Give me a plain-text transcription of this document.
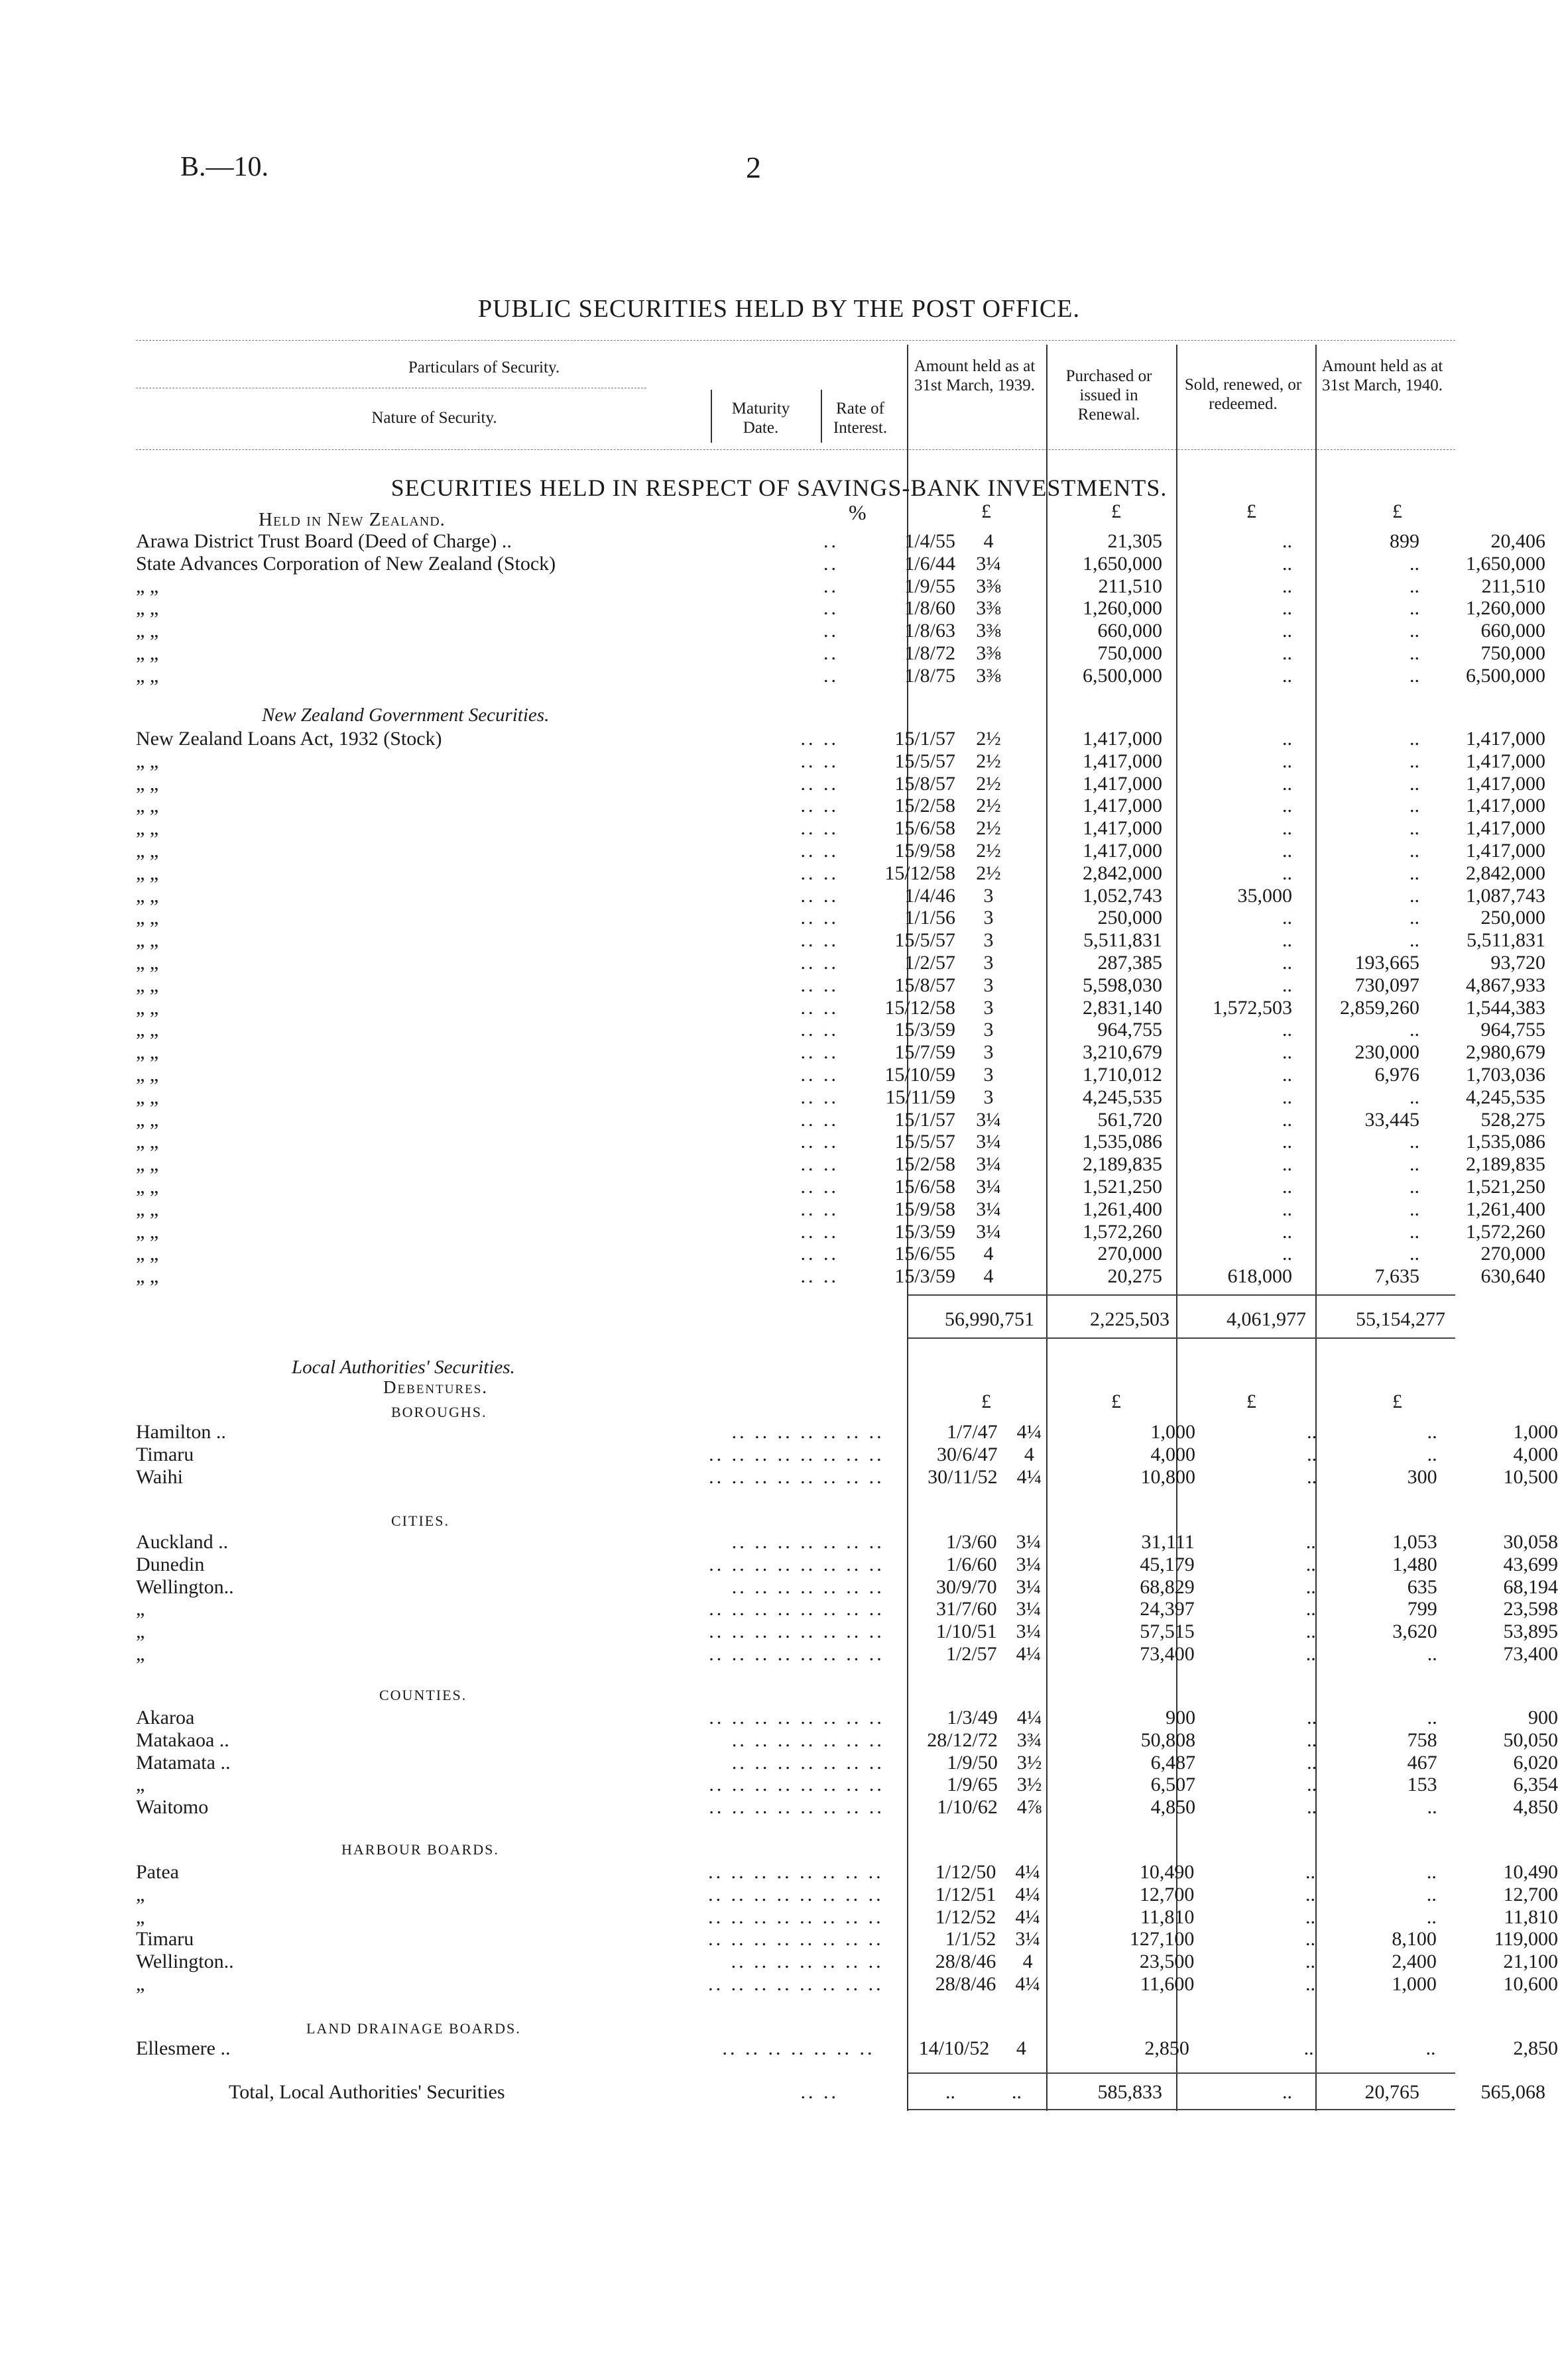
B.—10.	2
PUBLIC SECURITIES HELD BY THE POST OFFICE.
Particulars of Security.
Nature of Security.
Maturity Date.
Rate of Interest.
Amount held as at 31st March, 1939.
Purchased or issued in Renewal.
Sold, renewed, or redeemed.
Amount held as at 31st March, 1940.
SECURITIES HELD IN RESPECT OF SAVINGS-BANK INVESTMENTS.
%	£	£	£	£
Held in New Zealand.
Arawa District Trust Board (Deed of Charge) ..	..	1/4/55	4	21,305	..	899	20,406
State Advances Corporation of New Zealand (Stock)	..	1/6/44	3¼	1,650,000	..	..	1,650,000
„ „	..	1/9/55	3⅜	211,510	..	..	211,510
„ „	..	1/8/60	3⅜	1,260,000	..	..	1,260,000
„ „	..	1/8/63	3⅜	660,000	..	..	660,000
„ „	..	1/8/72	3⅜	750,000	..	..	750,000
„ „	..	1/8/75	3⅜	6,500,000	..	..	6,500,000
New Zealand Government Securities.
New Zealand Loans Act, 1932 (Stock)	.. ..	15/1/57	2½	1,417,000	..	..	1,417,000
„ „	.. ..	15/5/57	2½	1,417,000	..	..	1,417,000
„ „	.. ..	15/8/57	2½	1,417,000	..	..	1,417,000
„ „	.. ..	15/2/58	2½	1,417,000	..	..	1,417,000
„ „	.. ..	15/6/58	2½	1,417,000	..	..	1,417,000
„ „	.. ..	15/9/58	2½	1,417,000	..	..	1,417,000
„ „	.. ..	15/12/58	2½	2,842,000	..	..	2,842,000
„ „	.. ..	1/4/46	3	1,052,743	35,000	..	1,087,743
„ „	.. ..	1/1/56	3	250,000	..	..	250,000
„ „	.. ..	15/5/57	3	5,511,831	..	..	5,511,831
„ „	.. ..	1/2/57	3	287,385	..	193,665	93,720
„ „	.. ..	15/8/57	3	5,598,030	..	730,097	4,867,933
„ „	.. ..	15/12/58	3	2,831,140	1,572,503	2,859,260	1,544,383
„ „	.. ..	15/3/59	3	964,755	..	..	964,755
„ „	.. ..	15/7/59	3	3,210,679	..	230,000	2,980,679
„ „	.. ..	15/10/59	3	1,710,012	..	6,976	1,703,036
„ „	.. ..	15/11/59	3	4,245,535	..	..	4,245,535
„ „	.. ..	15/1/57	3¼	561,720	..	33,445	528,275
„ „	.. ..	15/5/57	3¼	1,535,086	..	..	1,535,086
„ „	.. ..	15/2/58	3¼	2,189,835	..	..	2,189,835
„ „	.. ..	15/6/58	3¼	1,521,250	..	..	1,521,250
„ „	.. ..	15/9/58	3¼	1,261,400	..	..	1,261,400
„ „	.. ..	15/3/59	3¼	1,572,260	..	..	1,572,260
„ „	.. ..	15/6/55	4	270,000	..	..	270,000
„ „	.. ..	15/3/59	4	20,275	618,000	7,635	630,640
56,990,751	2,225,503	4,061,977	55,154,277
Local Authorities' Securities.
Debentures.
BOROUGHS.	£	£	£	£
Hamilton ..	.. .. .. .. .. .. ..	1/7/47	4¼	1,000	..	..	1,000
Timaru	.. .. .. .. .. .. .. ..	30/6/47	4	4,000	..	..	4,000
Waihi	.. .. .. .. .. .. .. ..	30/11/52	4¼	10,800	..	300	10,500
CITIES.
Auckland ..	.. .. .. .. .. .. ..	1/3/60	3¼	31,111	..	1,053	30,058
Dunedin	.. .. .. .. .. .. .. ..	1/6/60	3¼	45,179	..	1,480	43,699
Wellington..	.. .. .. .. .. .. ..	30/9/70	3¼	68,829	..	635	68,194
„	.. .. .. .. .. .. .. ..	31/7/60	3¼	24,397	..	799	23,598
„	.. .. .. .. .. .. .. ..	1/10/51	3¼	57,515	..	3,620	53,895
„	.. .. .. .. .. .. .. ..	1/2/57	4¼	73,400	..	..	73,400
COUNTIES.
Akaroa	.. .. .. .. .. .. .. ..	1/3/49	4¼	900	..	..	900
Matakaoa ..	.. .. .. .. .. .. ..	28/12/72	3¾	50,808	..	758	50,050
Matamata ..	.. .. .. .. .. .. ..	1/9/50	3½	6,487	..	467	6,020
„	.. .. .. .. .. .. .. ..	1/9/65	3½	6,507	..	153	6,354
Waitomo	.. .. .. .. .. .. .. ..	1/10/62	4⅞	4,850	..	..	4,850
HARBOUR BOARDS.
Patea	.. .. .. .. .. .. .. ..	1/12/50	4¼	10,490	..	..	10,490
„	.. .. .. .. .. .. .. ..	1/12/51	4¼	12,700	..	..	12,700
„	.. .. .. .. .. .. .. ..	1/12/52	4¼	11,810	..	..	11,810
Timaru	.. .. .. .. .. .. .. ..	1/1/52	3¼	127,100	..	8,100	119,000
Wellington..	.. .. .. .. .. .. ..	28/8/46	4	23,500	..	2,400	21,100
„	.. .. .. .. .. .. .. ..	28/8/46	4¼	11,600	..	1,000	10,600
LAND DRAINAGE BOARDS.
Ellesmere ..	.. .. .. .. .. .. ..	14/10/52	4	2,850	..	..	2,850
Total, Local Authorities' Securities	.. ..	..	..	585,833	..	20,765	565,068
